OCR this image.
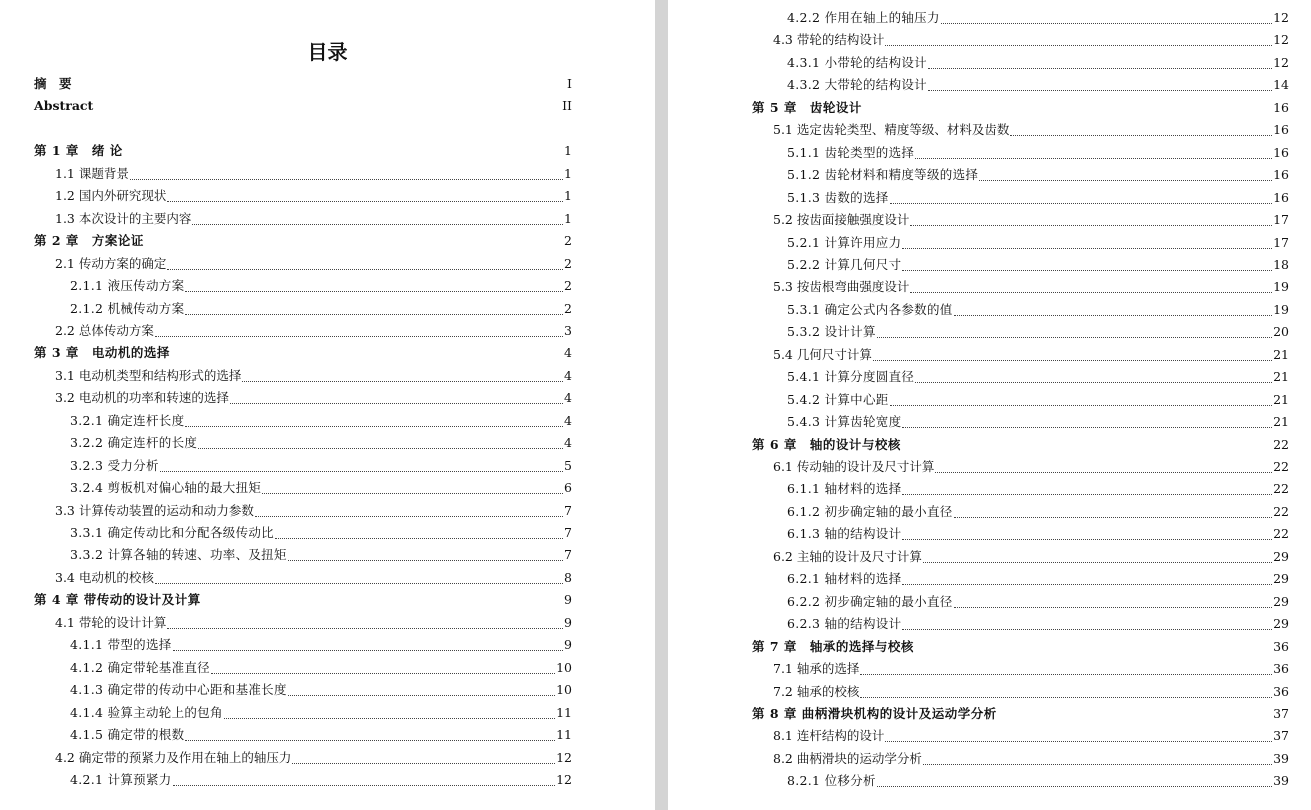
目录
摘　要	I
Abstract	II
第 1 章　绪 论	1
1.1 课题背景	1
1.2 国内外研究现状	1
1.3 本次设计的主要内容	1
第 2 章　方案论证	2
2.1 传动方案的确定	2
2.1.1 液压传动方案	2
2.1.2 机械传动方案	2
2.2 总体传动方案	3
第 3 章　电动机的选择	4
3.1 电动机类型和结构形式的选择	4
3.2 电动机的功率和转速的选择	4
3.2.1 确定连杆长度	4
3.2.2 确定连杆的长度	4
3.2.3 受力分析	5
3.2.4 剪板机对偏心轴的最大扭矩	6
3.3 计算传动装置的运动和动力参数	7
3.3.1 确定传动比和分配各级传动比	7
3.3.2 计算各轴的转速、功率、及扭矩	7
3.4 电动机的校核	8
第 4 章 带传动的设计及计算	9
4.1 带轮的设计计算	9
4.1.1 带型的选择	9
4.1.2 确定带轮基准直径	10
4.1.3 确定带的传动中心距和基准长度	10
4.1.4 验算主动轮上的包角	11
4.1.5 确定带的根数	11
4.2 确定带的预紧力及作用在轴上的轴压力	12
4.2.1 计算预紧力	12
4.2.2 作用在轴上的轴压力	12
4.3 带轮的结构设计	12
4.3.1 小带轮的结构设计	12
4.3.2 大带轮的结构设计	14
第 5 章　齿轮设计	16
5.1 选定齿轮类型、精度等级、材料及齿数	16
5.1.1 齿轮类型的选择	16
5.1.2 齿轮材料和精度等级的选择	16
5.1.3 齿数的选择	16
5.2 按齿面接触强度设计	17
5.2.1 计算许用应力	17
5.2.2 计算几何尺寸	18
5.3 按齿根弯曲强度设计	19
5.3.1 确定公式内各参数的值	19
5.3.2 设计计算	20
5.4 几何尺寸计算	21
5.4.1 计算分度圆直径	21
5.4.2 计算中心距	21
5.4.3 计算齿轮宽度	21
第 6 章　轴的设计与校核	22
6.1 传动轴的设计及尺寸计算	22
6.1.1 轴材料的选择	22
6.1.2 初步确定轴的最小直径	22
6.1.3 轴的结构设计	22
6.2 主轴的设计及尺寸计算	29
6.2.1 轴材料的选择	29
6.2.2 初步确定轴的最小直径	29
6.2.3 轴的结构设计	29
第 7 章　轴承的选择与校核	36
7.1 轴承的选择	36
7.2 轴承的校核	36
第 8 章 曲柄滑块机构的设计及运动学分析	37
8.1 连杆结构的设计	37
8.2 曲柄滑块的运动学分析	39
8.2.1 位移分析	39
